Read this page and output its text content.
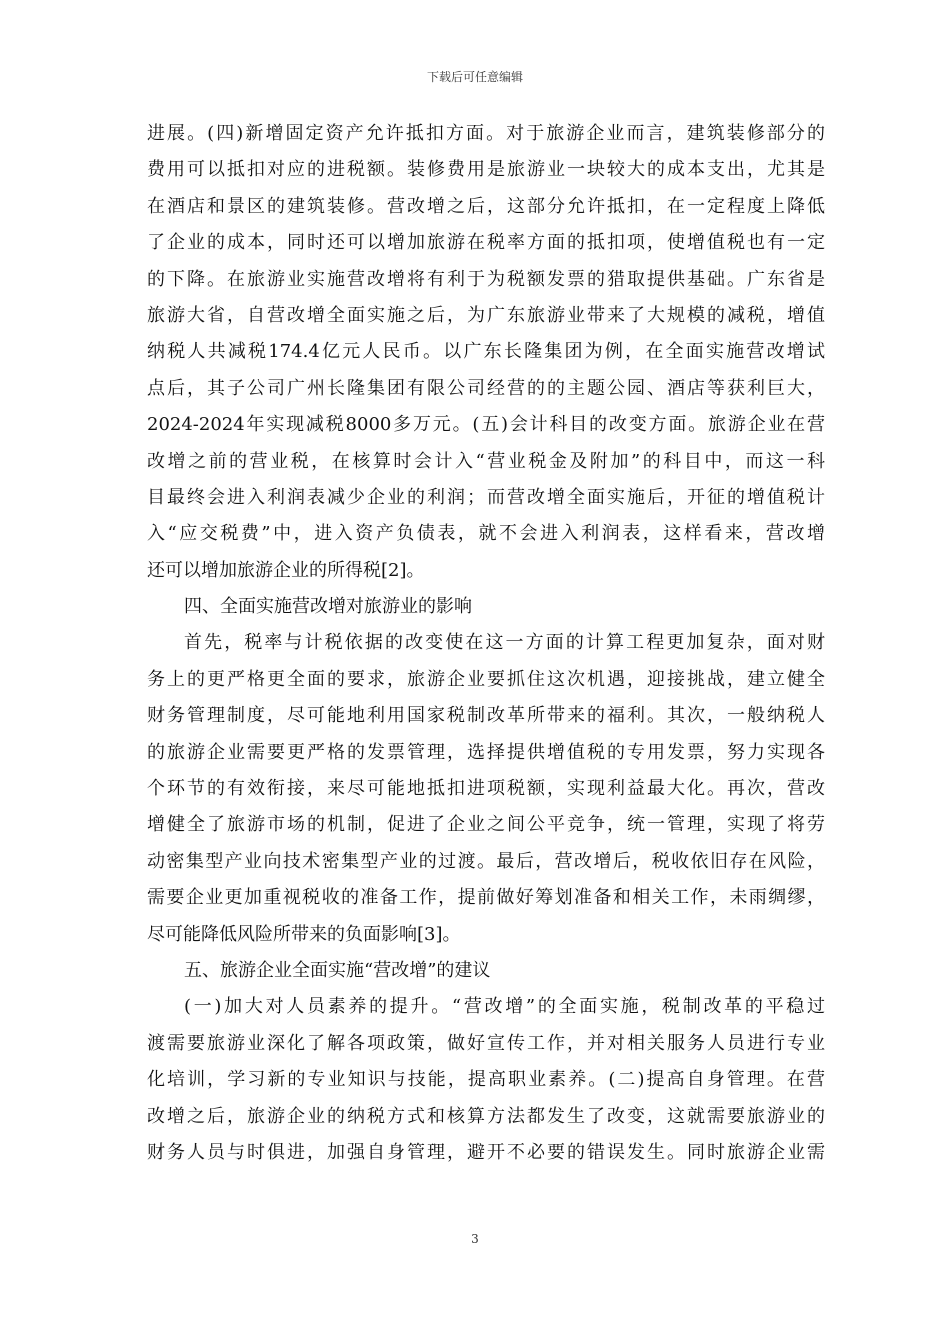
下载后可任意编辑
进展。(四)新增固定资产允许抵扣方面。对于旅游企业而言，建筑装修部分的
费用可以抵扣对应的进税额。装修费用是旅游业一块较大的成本支出，尤其是
在酒店和景区的建筑装修。营改增之后，这部分允许抵扣，在一定程度上降低
了企业的成本，同时还可以增加旅游在税率方面的抵扣项，使增值税也有一定
的下降。在旅游业实施营改增将有利于为税额发票的猎取提供基础。广东省是
旅游大省，自营改增全面实施之后，为广东旅游业带来了大规模的减税，增值
纳税人共减税174.4亿元人民币。以广东长隆集团为例，在全面实施营改增试
点后，其子公司广州长隆集团有限公司经营的的主题公园、酒店等获利巨大，
2024-2024年实现减税8000多万元。(五)会计科目的改变方面。旅游企业在营
改增之前的营业税，在核算时会计入“营业税金及附加”的科目中，而这一科
目最终会进入利润表减少企业的利润；而营改增全面实施后，开征的增值税计
入“应交税费”中，进入资产负债表，就不会进入利润表，这样看来，营改增
还可以增加旅游企业的所得税[2]。
四、全面实施营改增对旅游业的影响
首先，税率与计税依据的改变使在这一方面的计算工程更加复杂，面对财
务上的更严格更全面的要求，旅游企业要抓住这次机遇，迎接挑战，建立健全
财务管理制度，尽可能地利用国家税制改革所带来的福利。其次，一般纳税人
的旅游企业需要更严格的发票管理，选择提供增值税的专用发票，努力实现各
个环节的有效衔接，来尽可能地抵扣进项税额，实现利益最大化。再次，营改
增健全了旅游市场的机制，促进了企业之间公平竞争，统一管理，实现了将劳
动密集型产业向技术密集型产业的过渡。最后，营改增后，税收依旧存在风险，
需要企业更加重视税收的准备工作，提前做好筹划准备和相关工作，未雨绸缪，
尽可能降低风险所带来的负面影响[3]。
五、旅游企业全面实施“营改增”的建议
(一)加大对人员素养的提升。“营改增”的全面实施，税制改革的平稳过
渡需要旅游业深化了解各项政策，做好宣传工作，并对相关服务人员进行专业
化培训，学习新的专业知识与技能，提高职业素养。(二)提高自身管理。在营
改增之后，旅游企业的纳税方式和核算方法都发生了改变，这就需要旅游业的
财务人员与时俱进，加强自身管理，避开不必要的错误发生。同时旅游企业需
3
